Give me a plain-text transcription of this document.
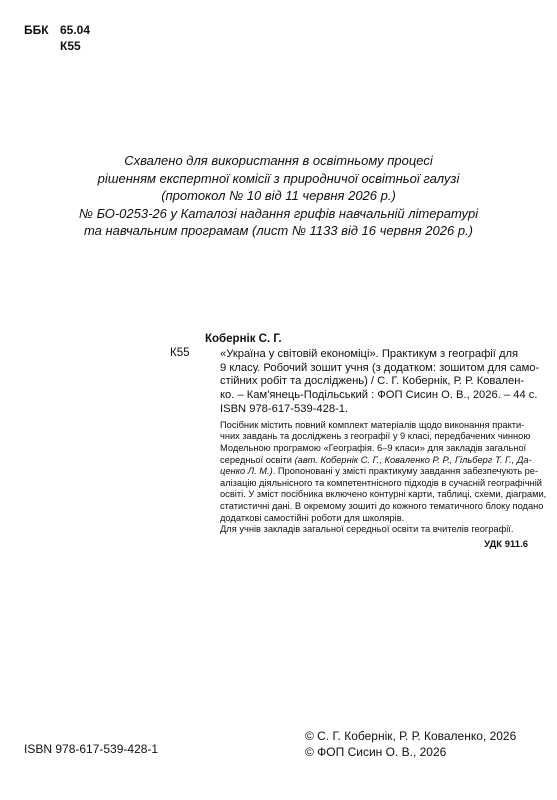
ББК 65.04
К55
Схвалено для використання в освітньому процесі
рішенням експертної комісії з природничої освітньої галузі
(протокол № 10 від 11 червня 2026 р.)
№ БО-0253-26 у Каталозі надання грифів навчальній літературі
та навчальним програмам (лист № 1133 від 16 червня 2026 р.)
Кобернік С. Г.
К55	«Україна у світовій економіці». Практикум з географії для
9 класу. Робочий зошит учня (з додатком: зошитом для само-
стійних робіт та досліджень) / С. Г. Кобернік, Р. Р. Ковален-
ко. – Кам'янець-Подільський : ФОП Сисин О. В., 2026. – 44 с.
ISBN 978-617-539-428-1.
Посібник містить повний комплект матеріалів щодо виконання практи-
чних завдань та досліджень з географії у 9 класі, передбачених чинною
Модельною програмою «Географія. 6–9 класи» для закладів загальної
середньої освіти (авт. Кобернік С. Г., Коваленко Р. Р., Гільберг Т. Г., Да-
ценко Л. М.). Пропоновані у змісті практикуму завдання забезпечують ре-
алізацію діяльнісного та компетентнісного підходів в сучасній географічній
освіті. У зміст посібника включено контурні карти, таблиці, схеми, діаграми,
статистичні дані. В окремому зошиті до кожного тематичного блоку подано
додаткові самостійні роботи для школярів.
Для учнів закладів загальної середньої освіти та вчителів географії.
УДК 911.6
ISBN 978-617-539-428-1
© С. Г. Кобернік, Р. Р. Коваленко, 2026
© ФОП Сисин О. В., 2026
